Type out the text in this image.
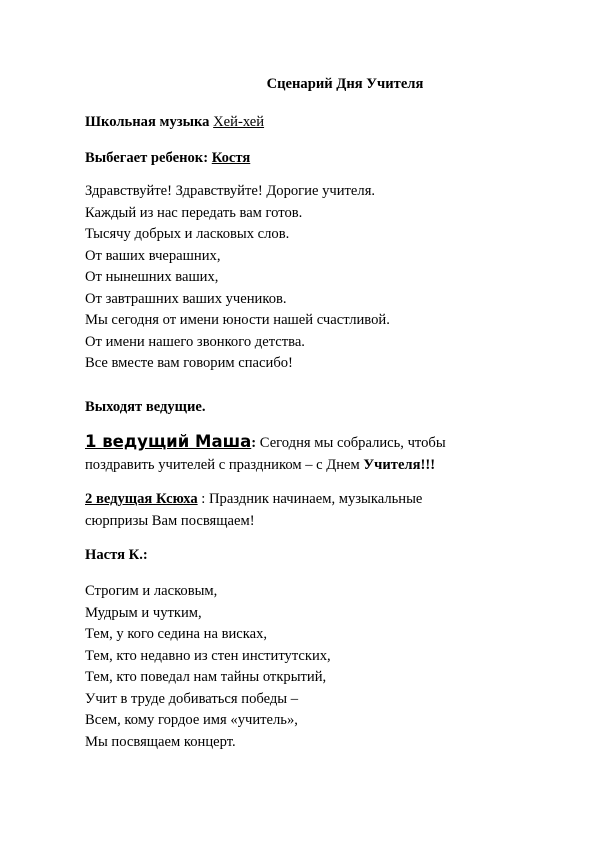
Сценарий Дня Учителя
Школьная музыка Хей-хей
Выбегает ребенок: Костя
Здравствуйте! Здравствуйте! Дорогие учителя.
Каждый из нас передать вам готов.
Тысячу добрых и ласковых слов.
От ваших вчерашних,
От нынешних ваших,
От завтрашних ваших учеников.
Мы сегодня от имени юности нашей счастливой.
От имени нашего звонкого детства.
Все вместе вам говорим спасибо!
Выходят ведущие.
1 ведущий Маша: Сегодня мы собрались, чтобы
поздравить учителей с праздником – с Днем Учителя!!!
2 ведущая Ксюха : Праздник начинаем, музыкальные
сюрпризы Вам посвящаем!
Настя К.:
Строгим и ласковым,
Мудрым и чутким,
Тем, у кого седина на висках,
Тем, кто недавно из стен институтских,
Тем, кто поведал нам тайны открытий,
Учит в труде добиваться победы –
Всем, кому гордое имя «учитель»,
Мы посвящаем концерт.
